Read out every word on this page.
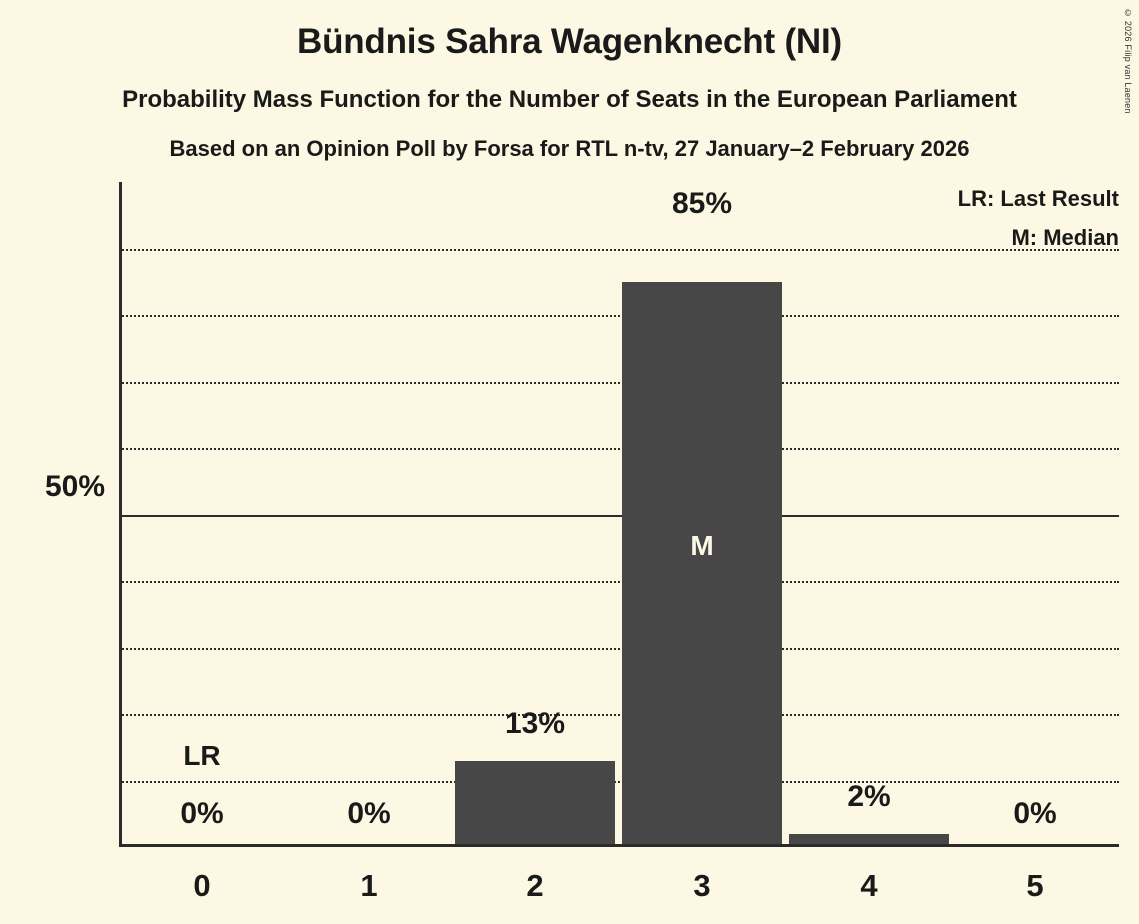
© 2026 Filip van Laenen
Bündnis Sahra Wagenknecht (NI)
Probability Mass Function for the Number of Seats in the European Parliament
Based on an Opinion Poll by Forsa for RTL n-tv, 27 January–2 February 2026
50%
LR: Last Result
M: Median
0%	0%
13%
85%
2%
0%
LR
M
0	1	2	3	4	5
